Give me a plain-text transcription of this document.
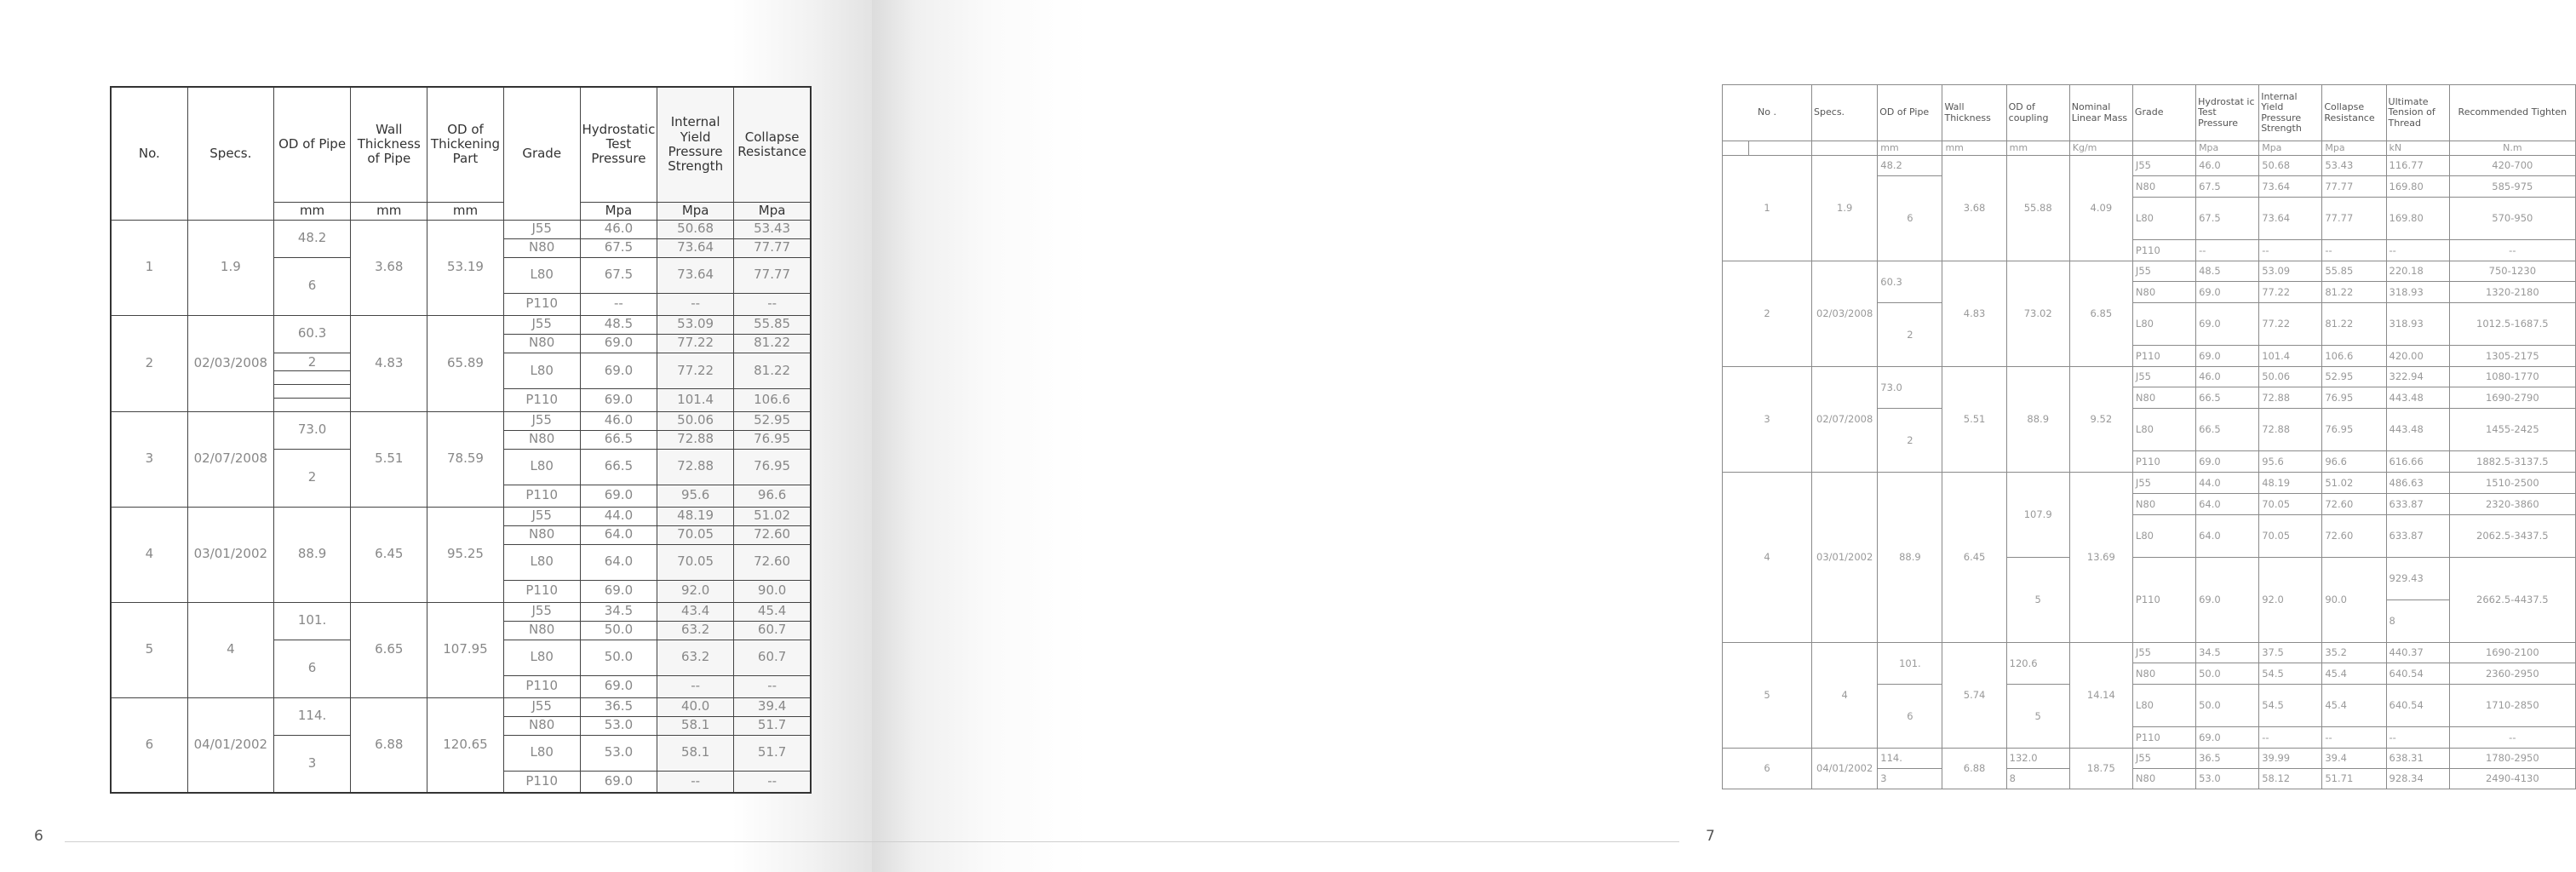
No.	Specs.	OD of Pipe	Wall Thickness of Pipe	OD of Thickening Part	Grade	Hydrostatic Test Pressure	Internal Yield Pressure Strength	Collapse Resistance
		mm	mm	mm		Mpa	Mpa	Mpa
1	1.9	48.2	3.68	53.19	J55	46.0	50.68	53.43
					N80	67.5	73.64	77.77
		6			L80	67.5	73.64	77.77
					P110	--	--	--
2	02/03/2008	60.3	4.83	65.89	J55	48.5	53.09	55.85
					N80	69.0	77.22	81.22

		2			L80	69.0	77.22	81.22
					P110	69.0	101.4	106.6
3	02/07/2008	73.0	5.51	78.59	J55	46.0	50.06	52.95
					N80	66.5	72.88	76.95
		2			L80	66.5	72.88	76.95
					P110	69.0	95.6	96.6
4	03/01/2002	88.9	6.45	95.25	J55	44.0	48.19	51.02
					N80	64.0	70.05	72.60
					L80	64.0	70.05	72.60
					P110	69.0	92.0	90.0
5	4	101.	6.65	107.95	J55	34.5	43.4	45.4
					N80	50.0	63.2	60.7
		6			L80	50.0	63.2	60.7
					P110	69.0	--	--
6	04/01/2002	114.	6.88	120.65	J55	36.5	40.0	39.4
					N80	53.0	58.1	51.7
		3			L80	53.0	58.1	51.7
					P110	69.0	--	--
6
No .		Specs.	OD of Pipe	Wall Thickness	OD of coupling	Nominal Linear Mass	Grade	Hydrostat ic Test Pressure	Internal Yield Pressure Strength	Collapse Resistance	Ultimate Tension of Thread	Recommended Tighten
			mm	mm	mm	Kg/m		Mpa	Mpa	Mpa	kN	N.m
1		1.9	48.2	3.68	55.88	4.09	J55	46.0	50.68	53.43	116.77	420-700
			6				N80	67.5	73.64	77.77	169.80	585-975
							L80	67.5	73.64	77.77	169.80	570-950
							P110	--	--	--	--	--
2		02/03/2008	60.3	4.83	73.02	6.85	J55	48.5	53.09	55.85	220.18	750-1230
							N80	69.0	77.22	81.22	318.93	1320-2180
			2				L80	69.0	77.22	81.22	318.93	1012.5-1687.5
							P110	69.0	101.4	106.6	420.00	1305-2175
3		02/07/2008	73.0	5.51	88.9	9.52	J55	46.0	50.06	52.95	322.94	1080-1770
							N80	66.5	72.88	76.95	443.48	1690-2790
			2				L80	66.5	72.88	76.95	443.48	1455-2425
							P110	69.0	95.6	96.6	616.66	1882.5-3137.5
4		03/01/2002	88.9	6.45	107.9	13.69	J55	44.0	48.19	51.02	486.63	1510-2500
							N80	64.0	70.05	72.60	633.87	2320-3860
							L80	64.0	70.05	72.60	633.87	2062.5-3437.5
					5		P110	69.0	92.0	90.0	929.43	2662.5-4437.5
											8	
5		4	101.	5.74	120.6	14.14	J55	34.5	37.5	35.2	440.37	1690-2100
							N80	50.0	54.5	45.4	640.54	2360-2950
			6		5		L80	50.0	54.5	45.4	640.54	1710-2850
							P110	69.0	--	--	--	--
6		04/01/2002	114.	6.88	132.0	18.75	J55	36.5	39.99	39.4	638.31	1780-2950
			3		8		N80	53.0	58.12	51.71	928.34	2490-4130
7
